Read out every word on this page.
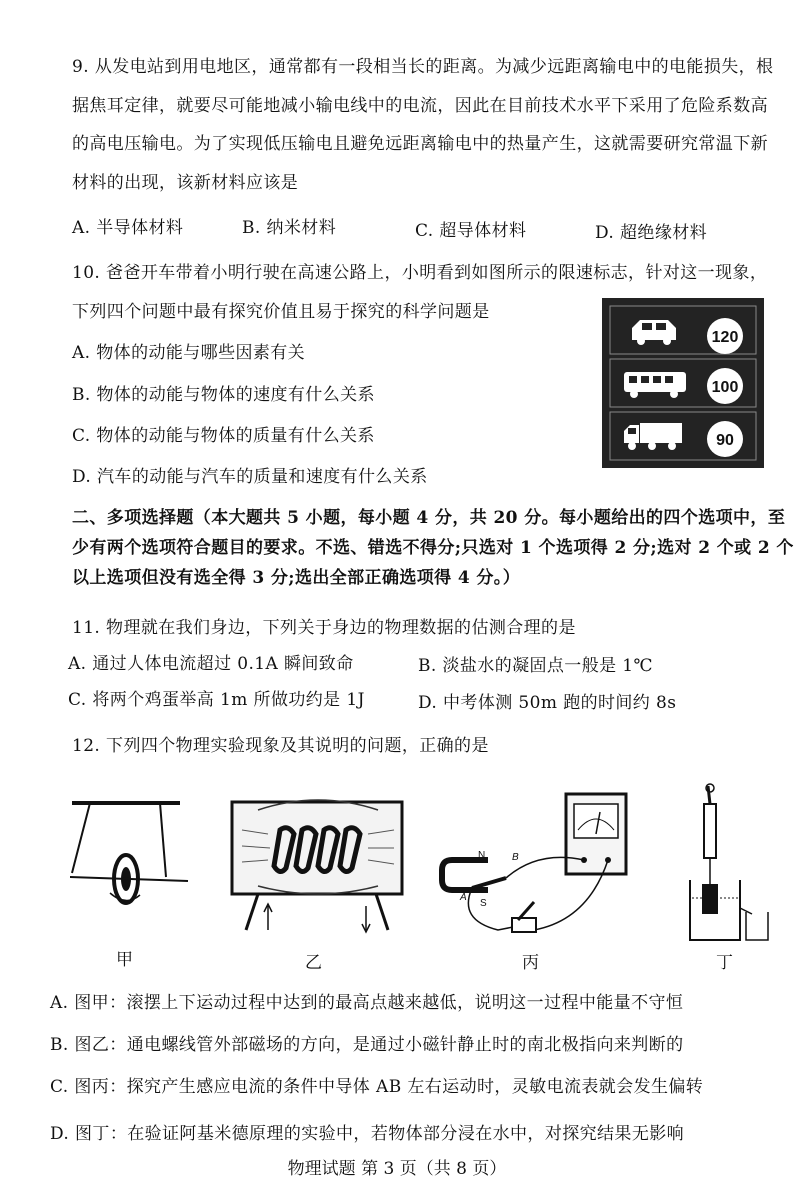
9. 从发电站到用电地区，通常都有一段相当长的距离。为减少远距离输电中的电能损失，根
据焦耳定律，就要尽可能地减小输电线中的电流，因此在目前技术水平下采用了危险系数高
的高电压输电。为了实现低压输电且避免远距离输电中的热量产生，这就需要研究常温下新
材料的出现，该新材料应该是
A. 半导体材料	B. 纳米材料	C. 超导体材料	D. 超绝缘材料
10. 爸爸开车带着小明行驶在高速公路上，小明看到如图所示的限速标志，针对这一现象，
下列四个问题中最有探究价值且易于探究的科学问题是
A. 物体的动能与哪些因素有关
B. 物体的动能与物体的速度有什么关系
C. 物体的动能与物体的质量有什么关系
D. 汽车的动能与汽车的质量和速度有什么关系
120
100
90
二、多项选择题（本大题共 5 小题，每小题 4 分，共 20 分。每小题给出的四个选项中，至
少有两个选项符合题目的要求。不选、错选不得分;只选对 1 个选项得 2 分;选对 2 个或 2 个
以上选项但没有选全得 3 分;选出全部正确选项得 4 分。）
11. 物理就在我们身边，下列关于身边的物理数据的估测合理的是
A. 通过人体电流超过 0.1A 瞬间致命	B. 淡盐水的凝固点一般是 1℃
C. 将两个鸡蛋举高 1m 所做功约是 1J	D. 中考体测 50m 跑的时间约 8s
12. 下列四个物理实验现象及其说明的问题，正确的是
甲	乙
N	B
S
A
丙	丁
A. 图甲：滚摆上下运动过程中达到的最高点越来越低，说明这一过程中能量不守恒
B. 图乙：通电螺线管外部磁场的方向，是通过小磁针静止时的南北极指向来判断的
C. 图丙：探究产生感应电流的条件中导体 AB 左右运动时，灵敏电流表就会发生偏转
D. 图丁：在验证阿基米德原理的实验中，若物体部分浸在水中，对探究结果无影响
物理试题 第 3 页（共 8 页）
